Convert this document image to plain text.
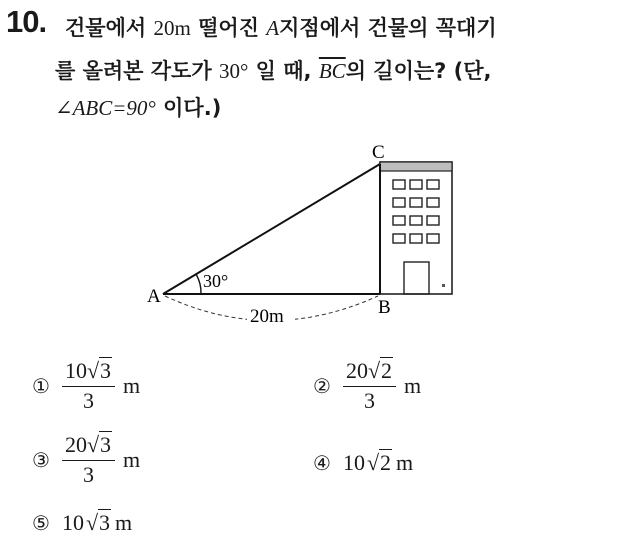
10. 건물에서 20m 떨어진 A지점에서 건물의 꼭대기
를 올려본 각도가 30° 일 때, $\overline{BC}$의 길이는? (단,
∠ABC=90° 이다.)
A
B
C
30°
20m
① $\frac{10√3}{3}$ m	② $\frac{20√2}{3}$ m
③ $\frac{20√3}{3}$ m	④ 10 √2 m
⑤ 10 √3 m
